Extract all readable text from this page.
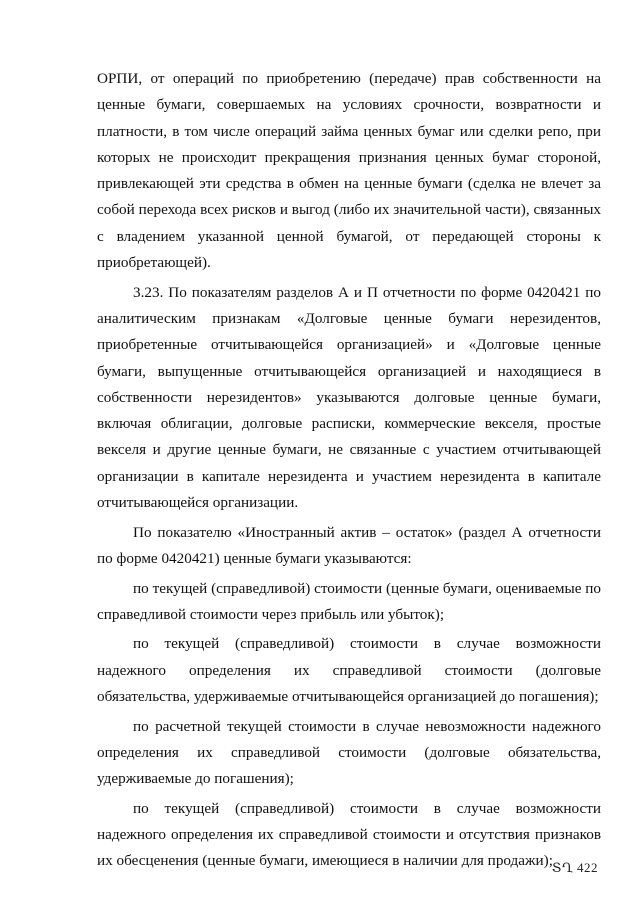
ОРПИ, от операций по приобретению (передаче) прав собственности на ценные бумаги, совершаемых на условиях срочности, возвратности и платности, в том числе операций займа ценных бумаг или сделки репо, при которых не происходит прекращения признания ценных бумаг стороной, привлекающей эти средства в обмен на ценные бумаги (сделка не влечет за собой перехода всех рисков и выгод (либо их значительной части), связанных с владением указанной ценной бумагой, от передающей стороны к приобретающей).

3.23. По показателям разделов А и П отчетности по форме 0420421 по аналитическим признакам «Долговые ценные бумаги нерезидентов, приобретенные отчитывающейся организацией» и «Долговые ценные бумаги, выпущенные отчитывающейся организацией и находящиеся в собственности нерезидентов» указываются долговые ценные бумаги, включая облигации, долговые расписки, коммерческие векселя, простые векселя и другие ценные бумаги, не связанные с участием отчитывающей организации в капитале нерезидента и участием нерезидента в капитале отчитывающейся организации.

По показателю «Иностранный актив – остаток» (раздел А отчетности по форме 0420421) ценные бумаги указываются:

по текущей (справедливой) стоимости (ценные бумаги, оцениваемые по справедливой стоимости через прибыль или убыток);

по текущей (справедливой) стоимости в случае возможности надежного определения их справедливой стоимости (долговые обязательства, удерживаемые отчитывающейся организацией до погашения);

по расчетной текущей стоимости в случае невозможности надежного определения их справедливой стоимости (долговые обязательства, удерживаемые до погашения);

по текущей (справедливой) стоимости в случае возможности надежного определения их справедливой стоимости и отсутствия признаков их обесценения (ценные бумаги, имеющиеся в наличии для продажи);

ՏՂ 422
